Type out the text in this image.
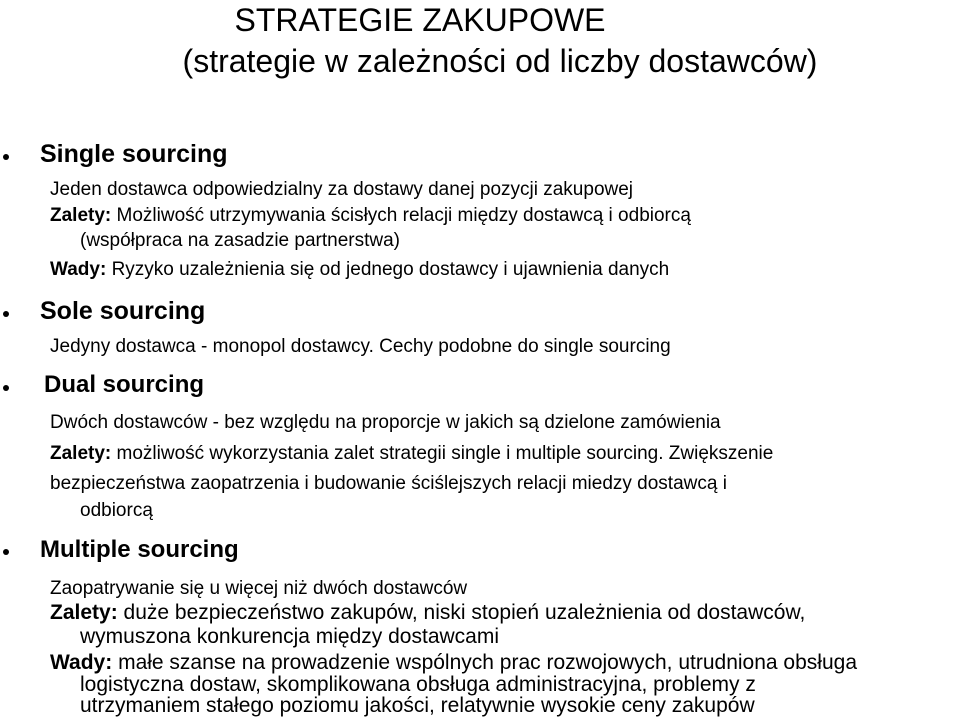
STRATEGIE ZAKUPOWE
(strategie w zależności od liczby dostawców)
Single sourcing
Jeden dostawca odpowiedzialny za dostawy danej pozycji zakupowej
Zalety: Możliwość utrzymywania ścisłych relacji między dostawcą i odbiorcą
(współpraca na zasadzie partnerstwa)
Wady: Ryzyko uzależnienia się od jednego dostawcy i ujawnienia danych
Sole sourcing
Jedyny dostawca - monopol dostawcy. Cechy podobne do single sourcing
Dual sourcing
Dwóch dostawców - bez względu na proporcje w jakich są dzielone zamówienia
Zalety: możliwość wykorzystania zalet strategii single i multiple sourcing. Zwiększenie
bezpieczeństwa zaopatrzenia i budowanie ściślejszych relacji miedzy dostawcą i
odbiorcą
Multiple sourcing
Zaopatrywanie się u więcej niż dwóch dostawców
Zalety: duże bezpieczeństwo zakupów, niski stopień uzależnienia od dostawców,
wymuszona konkurencja między dostawcami
Wady: małe szanse na prowadzenie wspólnych prac rozwojowych, utrudniona obsługa
logistyczna dostaw, skomplikowana obsługa administracyjna, problemy z
utrzymaniem stałego poziomu jakości, relatywnie wysokie ceny zakupów
